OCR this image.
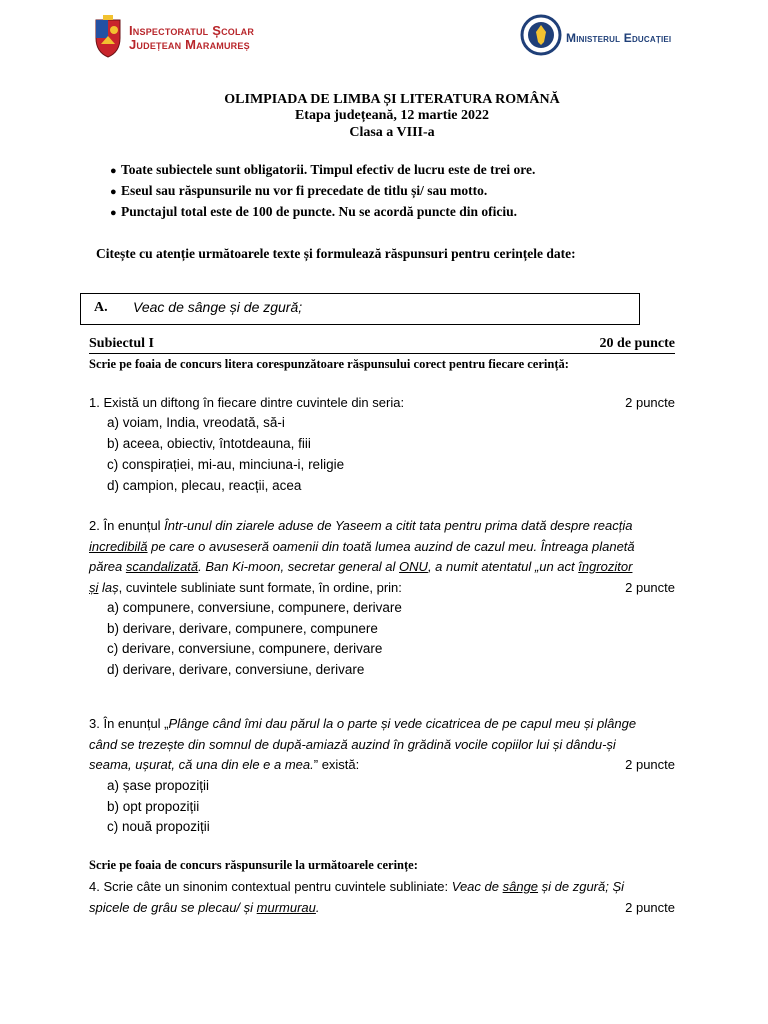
Inspectoratul Școlar
Județean Maramureș	Ministerul Educației
OLIMPIADA DE LIMBA ȘI LITERATURA ROMÂNĂ
Etapa județeană, 12 martie 2022
Clasa a VIII-a
● Toate subiectele sunt obligatorii. Timpul efectiv de lucru este de trei ore.
● Eseul sau răspunsurile nu vor fi precedate de titlu și/ sau motto.
● Punctajul total este de 100 de puncte. Nu se acordă puncte din oficiu.
Citește cu atenție următoarele texte și formulează răspunsuri pentru cerințele date:
A. Veac de sânge și de zgură;
Subiectul I	20 de puncte
Scrie pe foaia de concurs litera corespunzătoare răspunsului corect pentru fiecare cerință:
1. Există un diftong în fiecare dintre cuvintele din seria:	2 puncte
a) voiam, India, vreodată, să-i
b) aceea, obiectiv, întotdeauna, fiii
c) conspirației, mi-au, minciuna-i, religie
d) campion, plecau, reacții, acea
2. În enunțul Într-unul din ziarele aduse de Yaseem a citit tata pentru prima dată despre reacția
incredibilă pe care o avuseseră oamenii din toată lumea auzind de cazul meu. Întreaga planetă
părea scandalizată. Ban Ki-moon, secretar general al ONU, a numit atentatul „un act îngrozitor
și laș, cuvintele subliniate sunt formate, în ordine, prin:	2 puncte
a) compunere, conversiune, compunere, derivare
b) derivare, derivare, compunere, compunere
c) derivare, conversiune, compunere, derivare
d) derivare, derivare, conversiune, derivare
3. În enunțul „Plânge când îmi dau părul la o parte și vede cicatricea de pe capul meu și plânge
când se trezește din somnul de după-amiază auzind în grădină vocile copiilor lui și dându-și
seama, ușurat, că una din ele e a mea.” există:	2 puncte
a) șase propoziții
b) opt propoziții
c) nouă propoziții
Scrie pe foaia de concurs răspunsurile la următoarele cerințe:
4. Scrie câte un sinonim contextual pentru cuvintele subliniate: Veac de sânge și de zgură; Și
spicele de grâu se plecau/ și murmurau.	2 puncte
